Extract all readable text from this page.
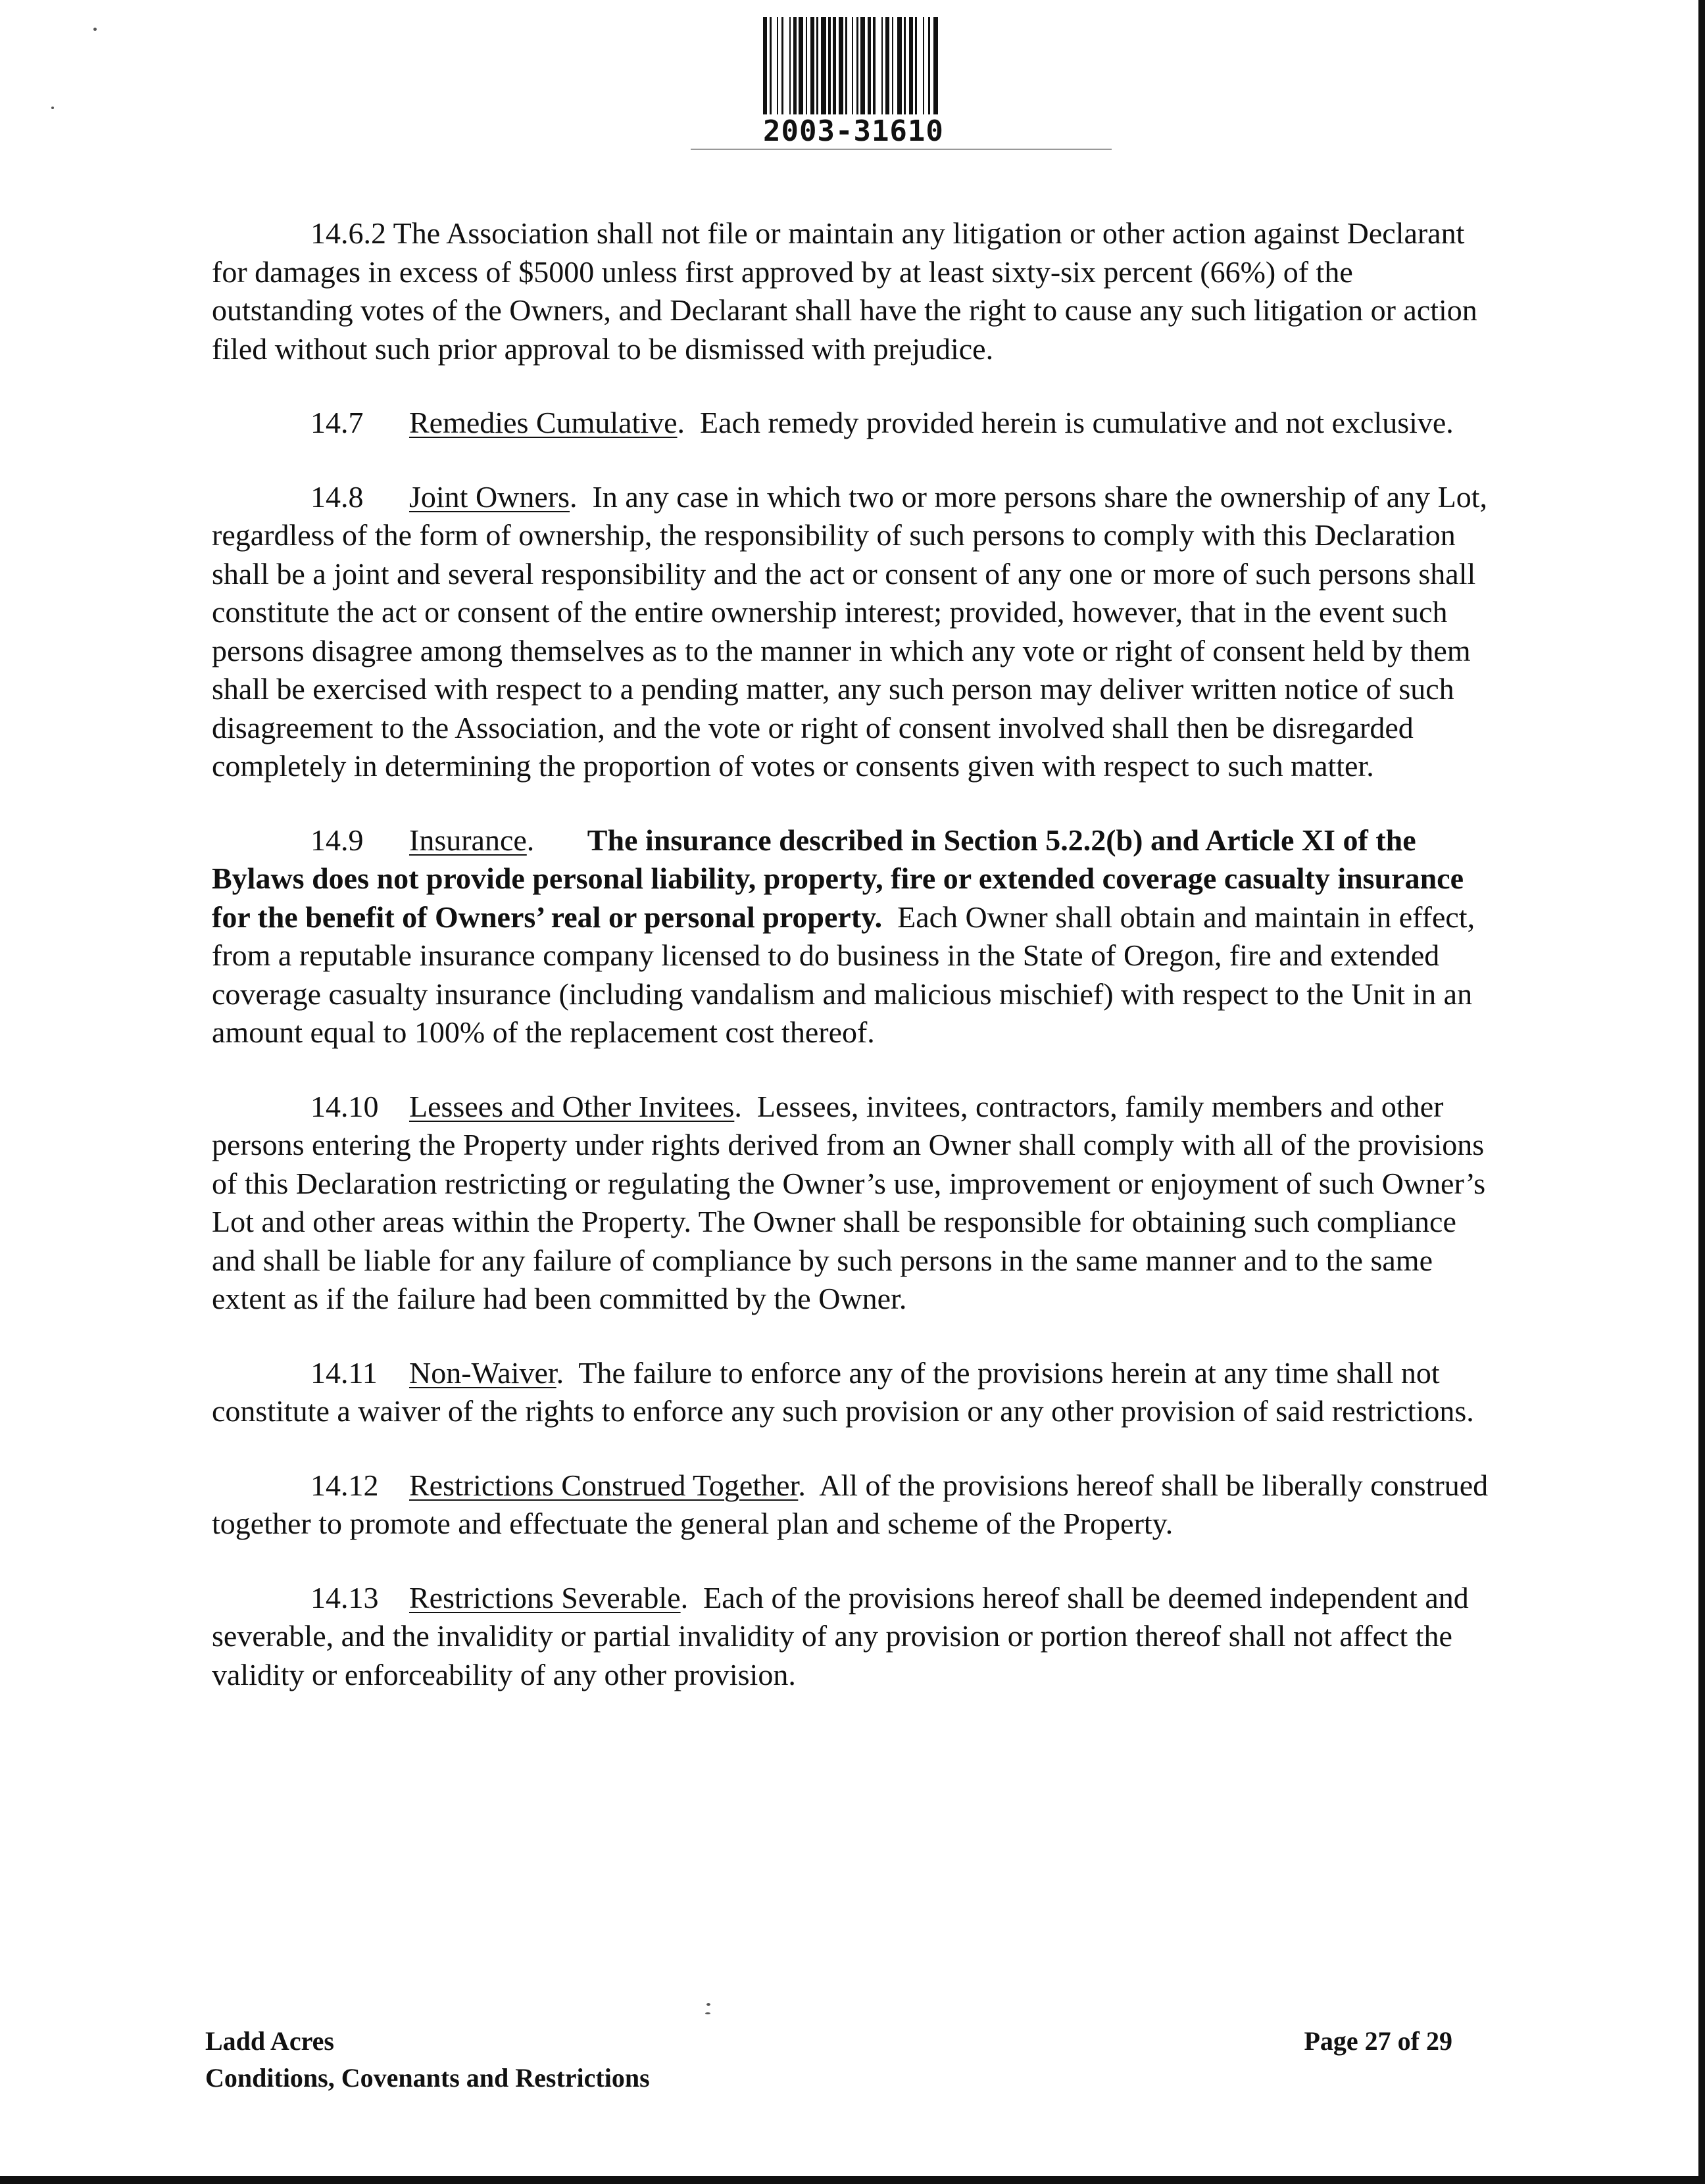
2003-31610

14.6.2 The Association shall not file or maintain any litigation or other action against Declarant for damages in excess of $5000 unless first approved by at least sixty-six percent (66%) of the outstanding votes of the Owners, and Declarant shall have the right to cause any such litigation or action filed without such prior approval to be dismissed with prejudice.

14.7 Remedies Cumulative.  Each remedy provided herein is cumulative and not exclusive.

14.8 Joint Owners.  In any case in which two or more persons share the ownership of any Lot, regardless of the form of ownership, the responsibility of such persons to comply with this Declaration shall be a joint and several responsibility and the act or consent of any one or more of such persons shall constitute the act or consent of the entire ownership interest; provided, however, that in the event such persons disagree among themselves as to the manner in which any vote or right of consent held by them shall be exercised with respect to a pending matter, any such person may deliver written notice of such disagreement to the Association, and the vote or right of consent involved shall then be disregarded completely in determining the proportion of votes or consents given with respect to such matter.

14.9 Insurance.       The insurance described in Section 5.2.2(b) and Article XI of the Bylaws does not provide personal liability, property, fire or extended coverage casualty insurance for the benefit of Owners’ real or personal property. Each Owner shall obtain and maintain in effect, from a reputable insurance company licensed to do business in the State of Oregon, fire and extended coverage casualty insurance (including vandalism and malicious mischief) with respect to the Unit in an amount equal to 100% of the replacement cost thereof.

14.10 Lessees and Other Invitees.  Lessees, invitees, contractors, family members and other persons entering the Property under rights derived from an Owner shall comply with all of the provisions of this Declaration restricting or regulating the Owner’s use, improvement or enjoyment of such Owner’s Lot and other areas within the Property. The Owner shall be responsible for obtaining such compliance and shall be liable for any failure of compliance by such persons in the same manner and to the same extent as if the failure had been committed by the Owner.

14.11 Non-Waiver.  The failure to enforce any of the provisions herein at any time shall not constitute a waiver of the rights to enforce any such provision or any other provision of said restrictions.

14.12 Restrictions Construed Together.  All of the provisions hereof shall be liberally construed together to promote and effectuate the general plan and scheme of the Property.

14.13 Restrictions Severable.  Each of the provisions hereof shall be deemed independent and severable, and the invalidity or partial invalidity of any provision or portion thereof shall not affect the validity or enforceability of any other provision.

Ladd Acres
Conditions, Covenants and Restrictions
Page 27 of 29
